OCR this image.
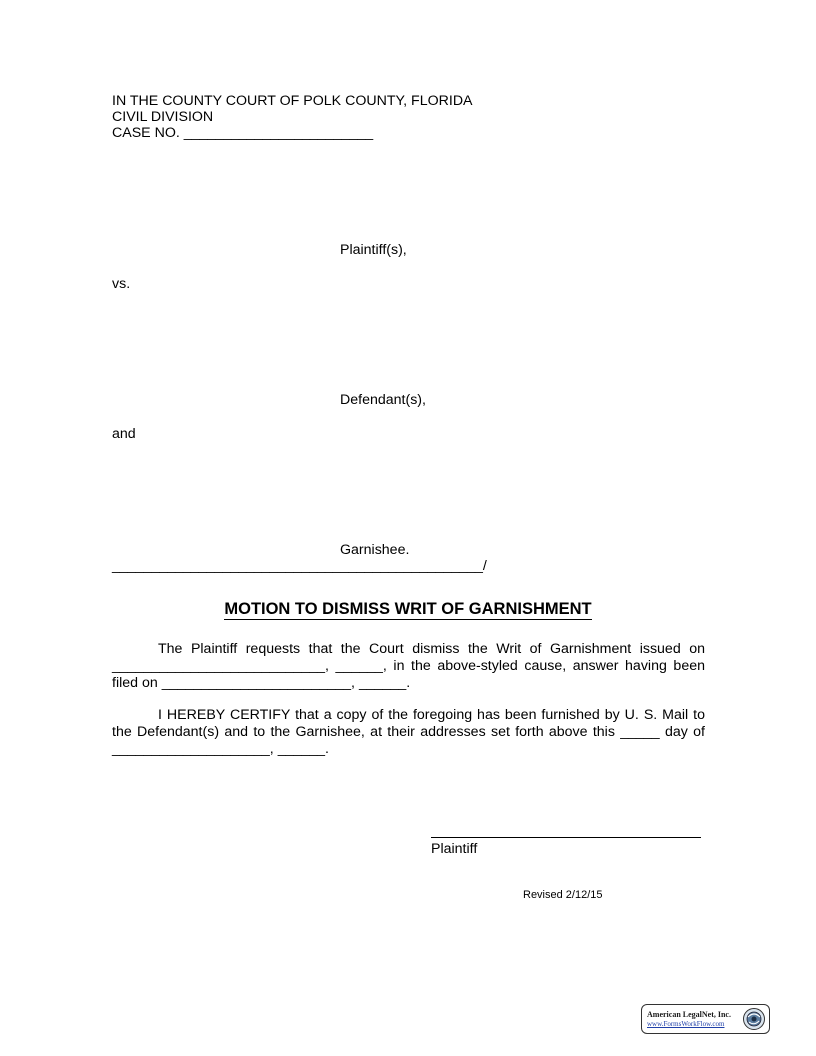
IN THE COUNTY COURT OF POLK COUNTY, FLORIDA
CIVIL DIVISION
CASE NO. ________________________
Plaintiff(s),
vs.
Defendant(s),
and
Garnishee.
_______________________________________________/
MOTION TO DISMISS WRIT OF GARNISHMENT
The Plaintiff requests that the Court dismiss the Writ of Garnishment issued on ___________________________, ______, in the above-styled cause, answer having been filed on ________________________, ______.
I HEREBY CERTIFY that a copy of the foregoing has been furnished by U. S. Mail to the Defendant(s) and to the Garnishee, at their addresses set forth above this _____ day of ____________________, ______.
Plaintiff
Revised 2/12/15
American LegalNet, Inc.
www.FormsWorkFlow.com
